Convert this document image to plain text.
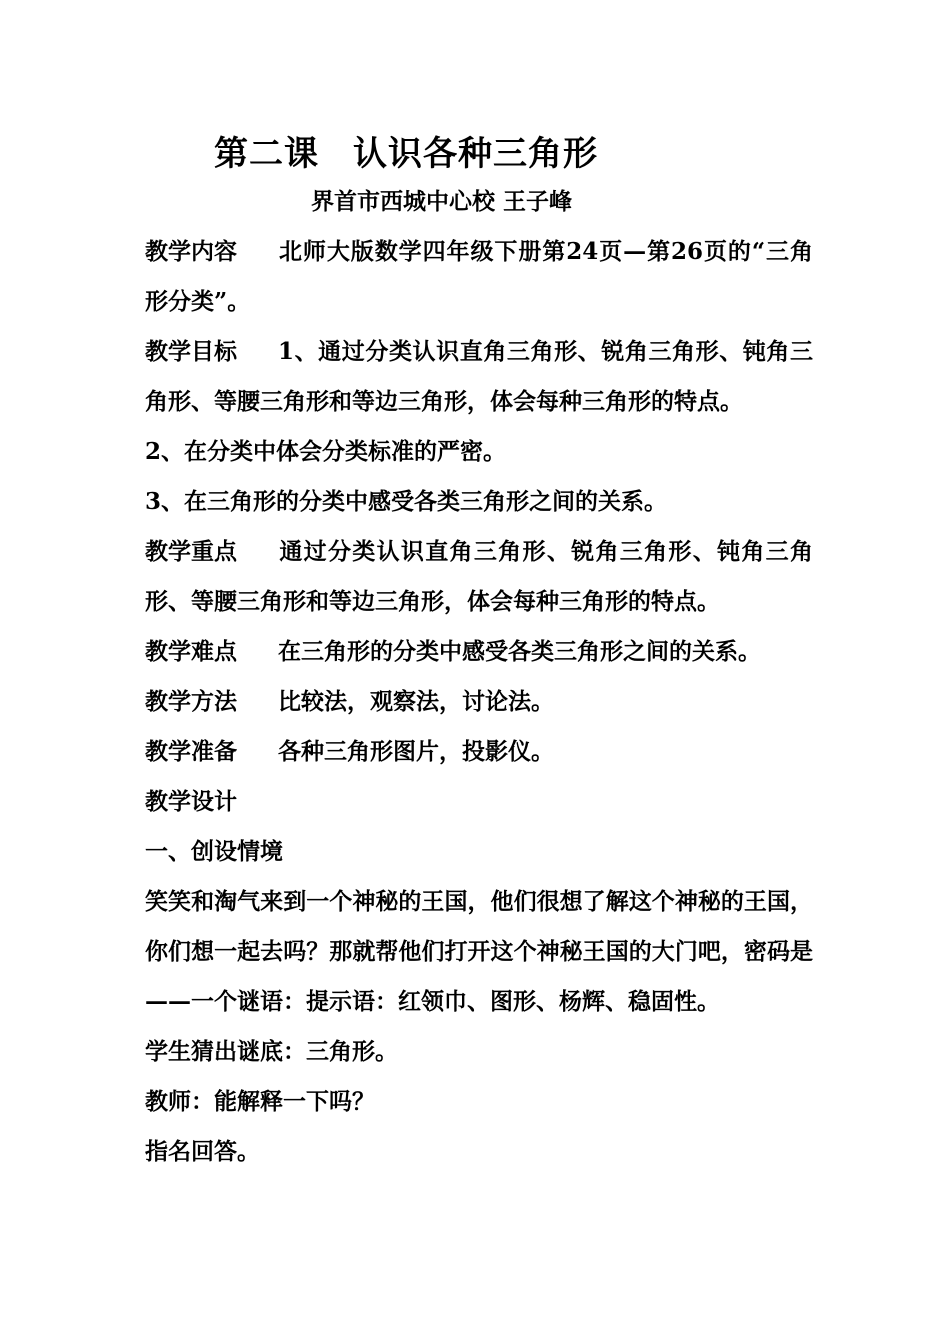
第二课 认识各种三角形
界首市西城中心校 王子峰

教学内容 北师大版数学四年级下册第24页—第26页的“三角形分类”。

教学目标 1、通过分类认识直角三角形、锐角三角形、钝角三角形、等腰三角形和等边三角形，体会每种三角形的特点。

2、在分类中体会分类标准的严密。

3、在三角形的分类中感受各类三角形之间的关系。

教学重点 通过分类认识直角三角形、锐角三角形、钝角三角形、等腰三角形和等边三角形，体会每种三角形的特点。

教学难点 在三角形的分类中感受各类三角形之间的关系。

教学方法 比较法，观察法，讨论法。

教学准备 各种三角形图片，投影仪。

教学设计

一、创设情境

笑笑和淘气来到一个神秘的王国，他们很想了解这个神秘的王国，你们想一起去吗？那就帮他们打开这个神秘王国的大门吧，密码是——一个谜语：提示语：红领巾、图形、杨辉、稳固性。

学生猜出谜底：三角形。

教师：能解释一下吗？

指名回答。
